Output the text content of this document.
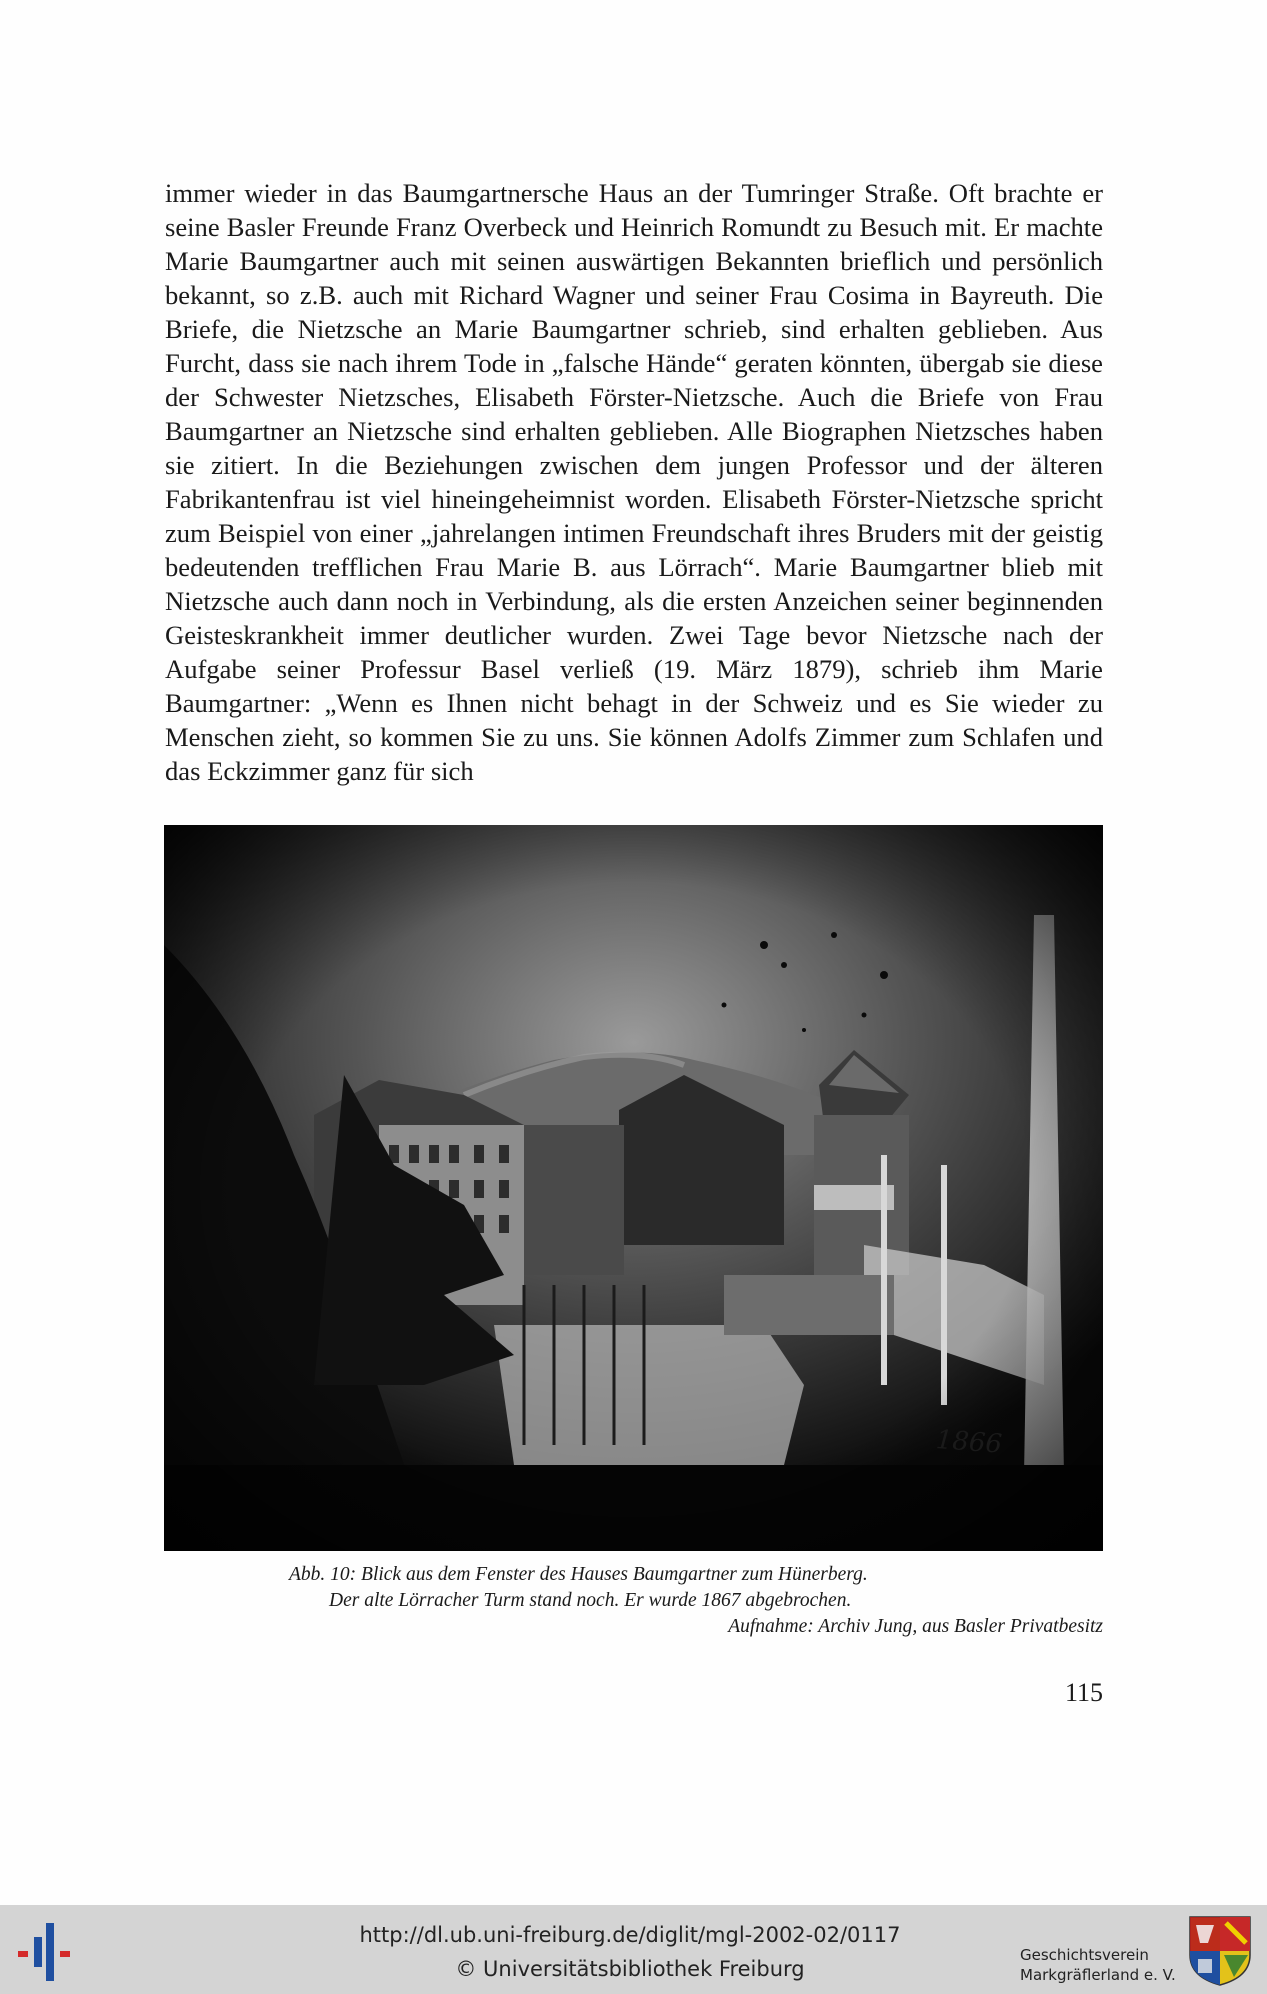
immer wieder in das Baumgartnersche Haus an der Tumringer Straße. Oft brachte er seine Basler Freunde Franz Overbeck und Heinrich Romundt zu Besuch mit. Er machte Marie Baumgartner auch mit seinen auswärtigen Bekannten brieflich und persönlich bekannt, so z.B. auch mit Richard Wagner und seiner Frau Cosima in Bayreuth. Die Briefe, die Nietzsche an Marie Baumgartner schrieb, sind erhalten geblieben. Aus Furcht, dass sie nach ihrem Tode in „falsche Hände“ geraten könnten, übergab sie diese der Schwester Nietzsches, Elisabeth Förster-Nietzsche. Auch die Briefe von Frau Baumgartner an Nietzsche sind erhalten geblieben. Alle Biographen Nietzsches haben sie zitiert. In die Beziehungen zwischen dem jungen Professor und der älteren Fabrikantenfrau ist viel hineingeheimnist worden. Elisabeth Förster-Nietzsche spricht zum Beispiel von einer „jahrelangen intimen Freundschaft ihres Bruders mit der geistig bedeutenden trefflichen Frau Marie B. aus Lörrach“. Marie Baumgartner blieb mit Nietzsche auch dann noch in Verbindung, als die ersten Anzeichen seiner beginnenden Geisteskrankheit immer deutlicher wurden. Zwei Tage bevor Nietzsche nach der Aufgabe seiner Professur Basel verließ (19. März 1879), schrieb ihm Marie Baumgartner: „Wenn es Ihnen nicht behagt in der Schweiz und es Sie wieder zu Menschen zieht, so kommen Sie zu uns. Sie können Adolfs Zimmer zum Schlafen und das Eckzimmer ganz für sich

1866
Abb. 10: Blick aus dem Fenster des Hauses Baumgartner zum Hünerberg.
Der alte Lörracher Turm stand noch. Er wurde 1867 abgebrochen.
Aufnahme: Archiv Jung, aus Basler Privatbesitz
115
http://dl.ub.uni-freiburg.de/diglit/mgl-2002-02/0117
© Universitätsbibliothek Freiburg
Geschichtsverein
Markgräflerland e. V.
